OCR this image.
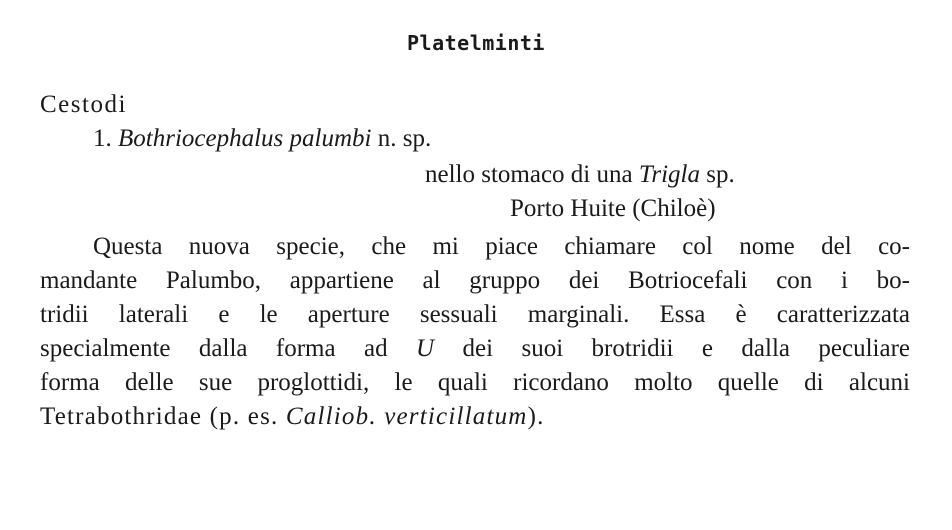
Platelminti
Cestodi
1. Bothriocephalus palumbi n. sp.
nello stomaco di una Trigla sp.
Porto Huite (Chiloè)
Questa nuova specie, che mi piace chiamare col nome del co-
mandante Palumbo, appartiene al gruppo dei Botriocefali con i bo-
tridii laterali e le aperture sessuali marginali. Essa è caratterizzata
specialmente dalla forma ad U dei suoi brotridii e dalla peculiare
forma delle sue proglottidi, le quali ricordano molto quelle di alcuni
Tetrabothridae (p. es. Calliob. verticillatum).
